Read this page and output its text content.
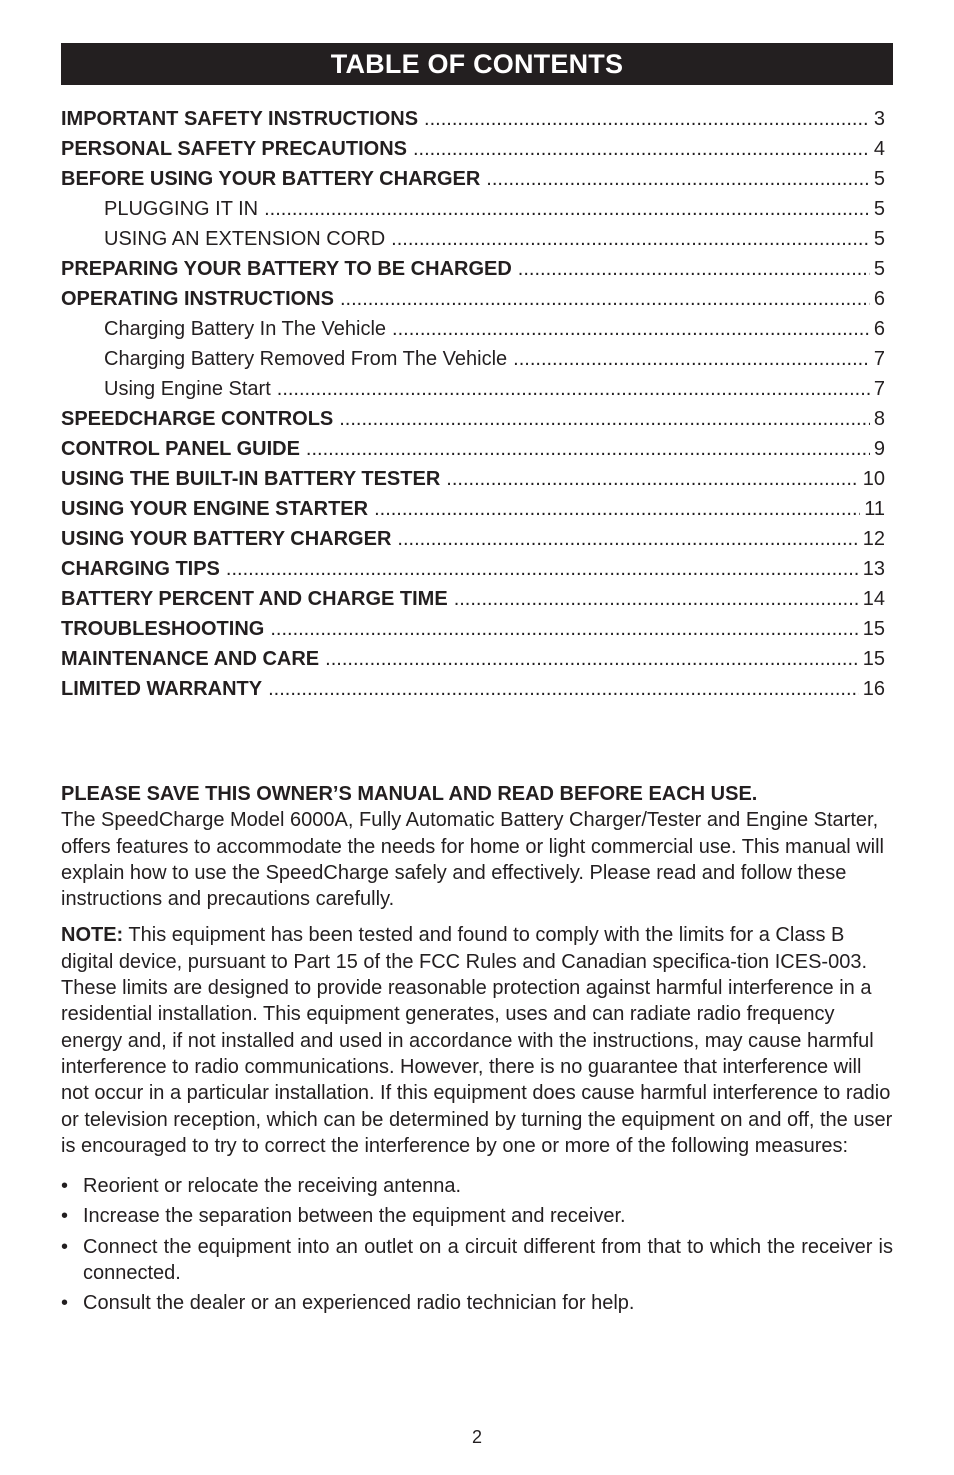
TABLE OF CONTENTS
IMPORTANT SAFETY INSTRUCTIONS .....	3
PERSONAL SAFETY PRECAUTIONS .....	4
BEFORE USING YOUR BATTERY CHARGER .....	5
PLUGGING IT IN .....	5
USING AN EXTENSION CORD .....	5
PREPARING YOUR BATTERY TO BE CHARGED .....	5
OPERATING INSTRUCTIONS .....	6
Charging Battery In The Vehicle .....	6
Charging Battery Removed From The Vehicle .....	7
Using Engine Start .....	7
SPEEDCHARGE CONTROLS .....	8
CONTROL PANEL GUIDE .....	9
USING THE BUILT-IN BATTERY TESTER .....	10
USING YOUR ENGINE STARTER .....	11
USING YOUR BATTERY CHARGER .....	12
CHARGING TIPS .....	13
BATTERY PERCENT AND CHARGE TIME .....	14
TROUBLESHOOTING .....	15
MAINTENANCE AND CARE .....	15
LIMITED WARRANTY .....	16

PLEASE SAVE THIS OWNER’S MANUAL AND READ BEFORE EACH USE.

The SpeedCharge Model 6000A, Fully Automatic Battery Charger/Tester and Engine Starter, offers features to accommodate the needs for home or light commercial use. This manual will explain how to use the SpeedCharge safely and effectively. Please read and follow these instructions and precautions carefully.

NOTE: This equipment has been tested and found to comply with the limits for a Class B digital device, pursuant to Part 15 of the FCC Rules and Canadian specifica-tion ICES-003. These limits are designed to provide reasonable protection against harmful interference in a residential installation. This equipment generates, uses and can radiate radio frequency energy and, if not installed and used in accordance with the instructions, may cause harmful interference to radio communications. However, there is no guarantee that interference will not occur in a particular installation. If this equipment does cause harmful interference to radio or television reception, which can be determined by turning the equipment on and off, the user is encouraged to try to correct the interference by one or more of the following measures:

• Reorient or relocate the receiving antenna.
• Increase the separation between the equipment and receiver.
• Connect the equipment into an outlet on a circuit different from that to which the receiver is connected.
• Consult the dealer or an experienced radio technician for help.
2
